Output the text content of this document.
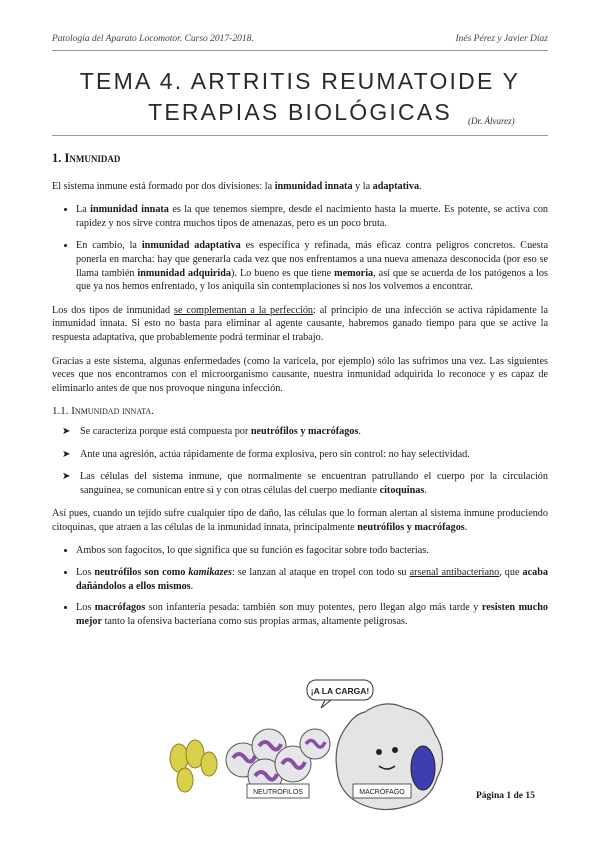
Patología del Aparato Locomotor. Curso 2017-2018.	Inés Pérez y Javier Díaz
TEMA 4. ARTRITIS REUMATOIDE Y
TERAPIAS BIOLÓGICAS	(Dr. Álvarez)
1. Inmunidad

El sistema inmune está formado por dos divisiones: la inmunidad innata y la adaptativa.

• La inmunidad innata es la que tenemos siempre, desde el nacimiento hasta la muerte. Es potente, se activa con rapidez y nos sirve contra muchos tipos de amenazas, pero es un poco bruta.
• En cambio, la inmunidad adaptativa es específica y refinada, más eficaz contra peligros concretos. Cuesta ponerla en marcha: hay que generarla cada vez que nos enfrentamos a una nueva amenaza desconocida (por eso se llama también inmunidad adquirida). Lo bueno es que tiene memoria, así que se acuerda de los patógenos a los que ya nos hemos enfrentado, y los aniquila sin contemplaciones si nos los volvemos a encontrar.

Los dos tipos de inmunidad se complementan a la perfección: al principio de una infección se activa rápidamente la inmunidad innata. Si esto no basta para eliminar al agente causante, habremos ganado tiempo para que se active la respuesta adaptativa, que probablemente podrá terminar el trabajo.

Gracias a este sistema, algunas enfermedades (como la varicela, por ejemplo) sólo las sufrimos una vez. Las siguientes veces que nos encontramos con el microorganismo causante, nuestra inmunidad adquirida lo reconoce y es capaz de eliminarlo antes de que nos provoque ninguna infección.

1.1. Inmunidad innata.
➤ Se caracteriza porque está compuesta por neutrófilos y macrófagos.
➤ Ante una agresión, actúa rápidamente de forma explosiva, pero sin control: no hay selectividad.
➤ Las células del sistema inmune, que normalmente se encuentran patrullando el cuerpo por la circulación sanguínea, se comunican entre sí y con otras células del cuerpo mediante citoquinas.

Así pues, cuando un tejido sufre cualquier tipo de daño, las células que lo forman alertan al sistema inmune produciendo citoquinas, que atraen a las células de la inmunidad innata, principalmente neutrófilos y macrófagos.

• Ambos son fagocitos, lo que significa que su función es fagocitar sobre todo bacterias.
• Los neutrófilos son como kamikazes: se lanzan al ataque en tropel con todo su arsenal antibacteriano, que acaba dañándolos a ellos mismos.
• Los macrófagos son infantería pesada: también son muy potentes, pero llegan algo más tarde y resisten mucho mejor tanto la ofensiva bacteriana como sus propias armas, altamente peligrosas.
¡A LA CARGA!
NEUTRÓFILOS	MACRÓFAGO	Página 1 de 15
